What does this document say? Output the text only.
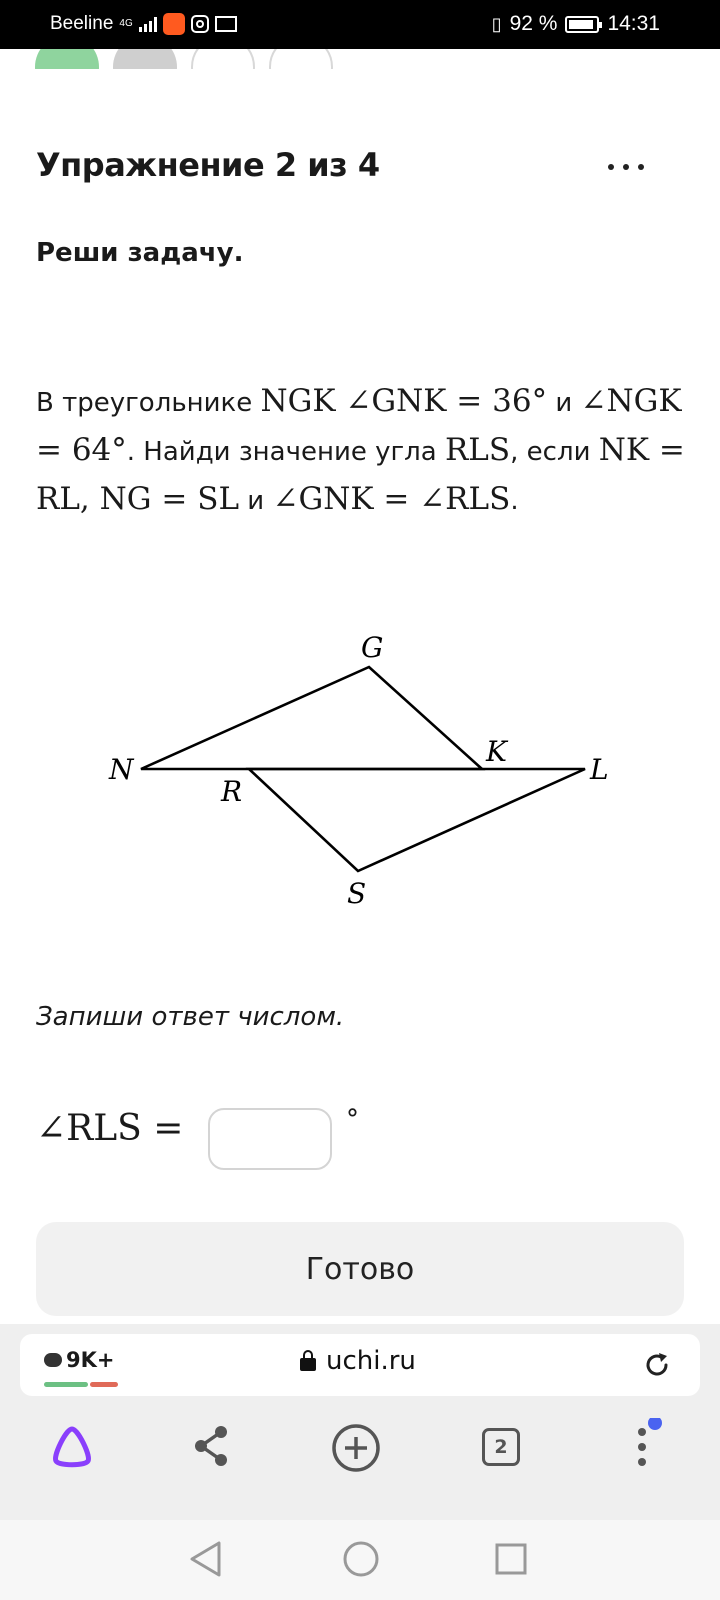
Beeline 4G	▯ 92 % 14:31
Упражнение 2 из 4
Реши задачу.
В треугольнике NGK ∠GNK = 36° и ∠NGK = 64°. Найди значение угла RLS, если NK = RL, NG = SL и ∠GNK = ∠RLS.
G
N
K
L
R
S
Запиши ответ числом.
∠RLS =	°
Готово
9K+	uchi.ru
2
